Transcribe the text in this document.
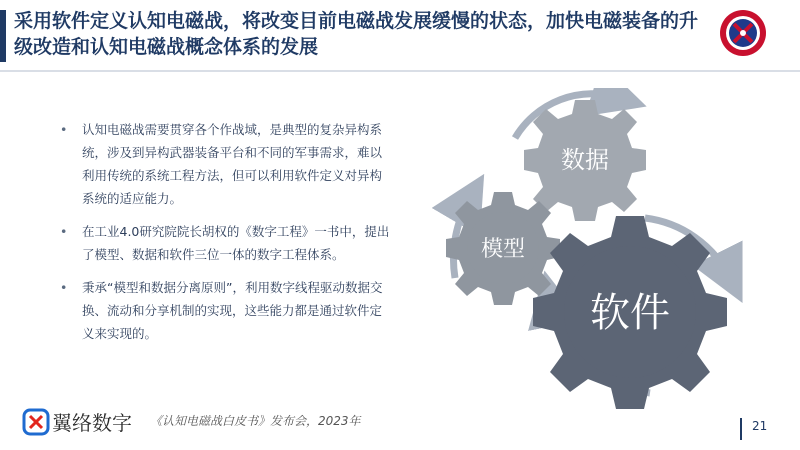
采用软件定义认知电磁战，将改变目前电磁战发展缓慢的状态，加快电磁装备的升级改造和认知电磁战概念体系的发展
• 认知电磁战需要贯穿各个作战域，是典型的复杂异构系统，涉及到异构武器装备平台和不同的军事需求，难以利用传统的系统工程方法，但可以利用软件定义对异构系统的适应能力。
• 在工业4.0研究院院长胡权的《数字工程》一书中，提出了模型、数据和软件三位一体的数字工程体系。
• 秉承“模型和数据分离原则”，利用数字线程驱动数据交换、流动和分享机制的实现，这些能力都是通过软件定义来实现的。
数据
模型
软件
翼络数字 《认知电磁战白皮书》发布会，2023年	21
